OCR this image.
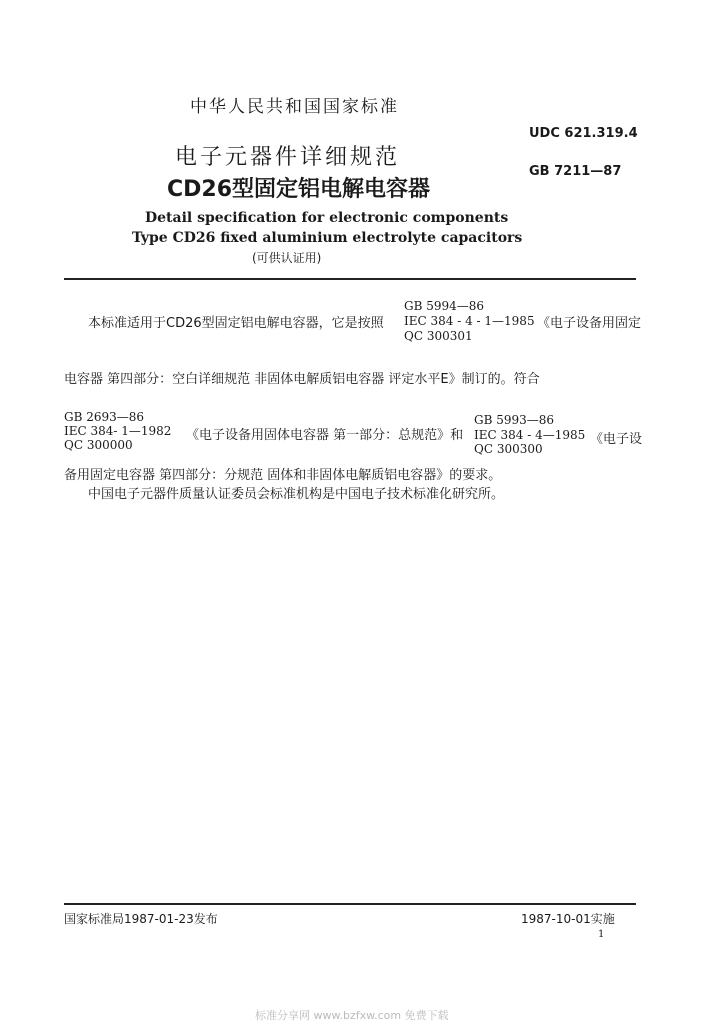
中华人民共和国国家标准
UDC 621.319.4
电子元器件详细规范
GB 7211—87
CD26型固定铝电解电容器
Detail specification for electronic components
Type CD26 fixed aluminium electrolyte capacitors
(可供认证用)
本标准适用于CD26型固定铝电解电容器，它是按照
GB 5994—86
IEC 384 - 4 - 1—1985
QC 300301
《电子设备用固定
电容器 第四部分：空白详细规范 非固体电解质铝电容器 评定水平E》制订的。符合
GB 2693—86
IEC 384- 1—1982
QC 300000
《电子设备用固体电容器 第一部分：总规范》和
GB 5993—86
IEC 384 - 4—1985
QC 300300
《电子设
备用固定电容器 第四部分：分规范 固体和非固体电解质铝电容器》的要求。
中国电子元器件质量认证委员会标准机构是中国电子技术标准化研究所。
国家标准局1987-01-23发布	1987-10-01实施
1
标准分享网 www.bzfxw.com 免费下载
